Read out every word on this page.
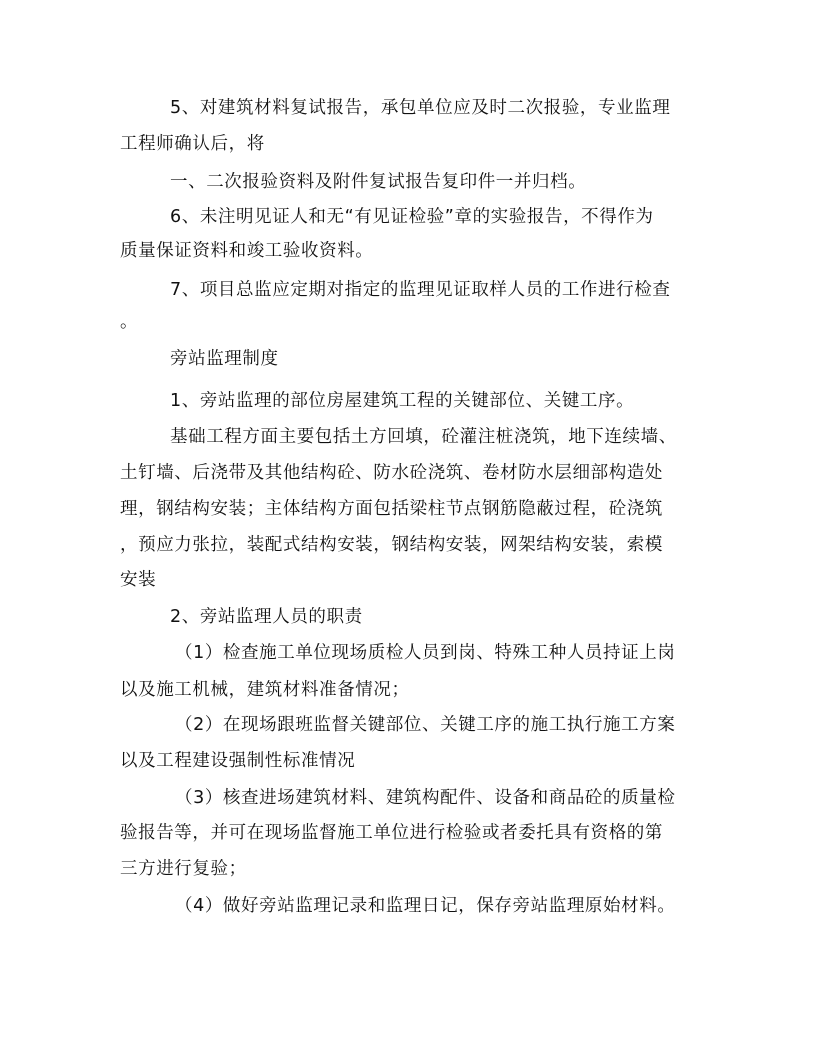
5、对建筑材料复试报告，承包单位应及时二次报验，专业监理
工程师确认后，将
一、二次报验资料及附件复试报告复印件一并归档。
6、未注明见证人和无“有见证检验”章的实验报告，不得作为
质量保证资料和竣工验收资料。
7、项目总监应定期对指定的监理见证取样人员的工作进行检查
。
旁站监理制度
1、旁站监理的部位房屋建筑工程的关键部位、关键工序。
基础工程方面主要包括土方回填，砼灌注桩浇筑，地下连续墙、
土钉墙、后浇带及其他结构砼、防水砼浇筑、卷材防水层细部构造处
理，钢结构安装；主体结构方面包括梁柱节点钢筋隐蔽过程，砼浇筑
，预应力张拉，装配式结构安装，钢结构安装，网架结构安装，索模
安装
2、旁站监理人员的职责
（1）检查施工单位现场质检人员到岗、特殊工种人员持证上岗
以及施工机械，建筑材料准备情况；
（2）在现场跟班监督关键部位、关键工序的施工执行施工方案
以及工程建设强制性标准情况
（3）核查进场建筑材料、建筑构配件、设备和商品砼的质量检
验报告等，并可在现场监督施工单位进行检验或者委托具有资格的第
三方进行复验；
（4）做好旁站监理记录和监理日记，保存旁站监理原始材料。
